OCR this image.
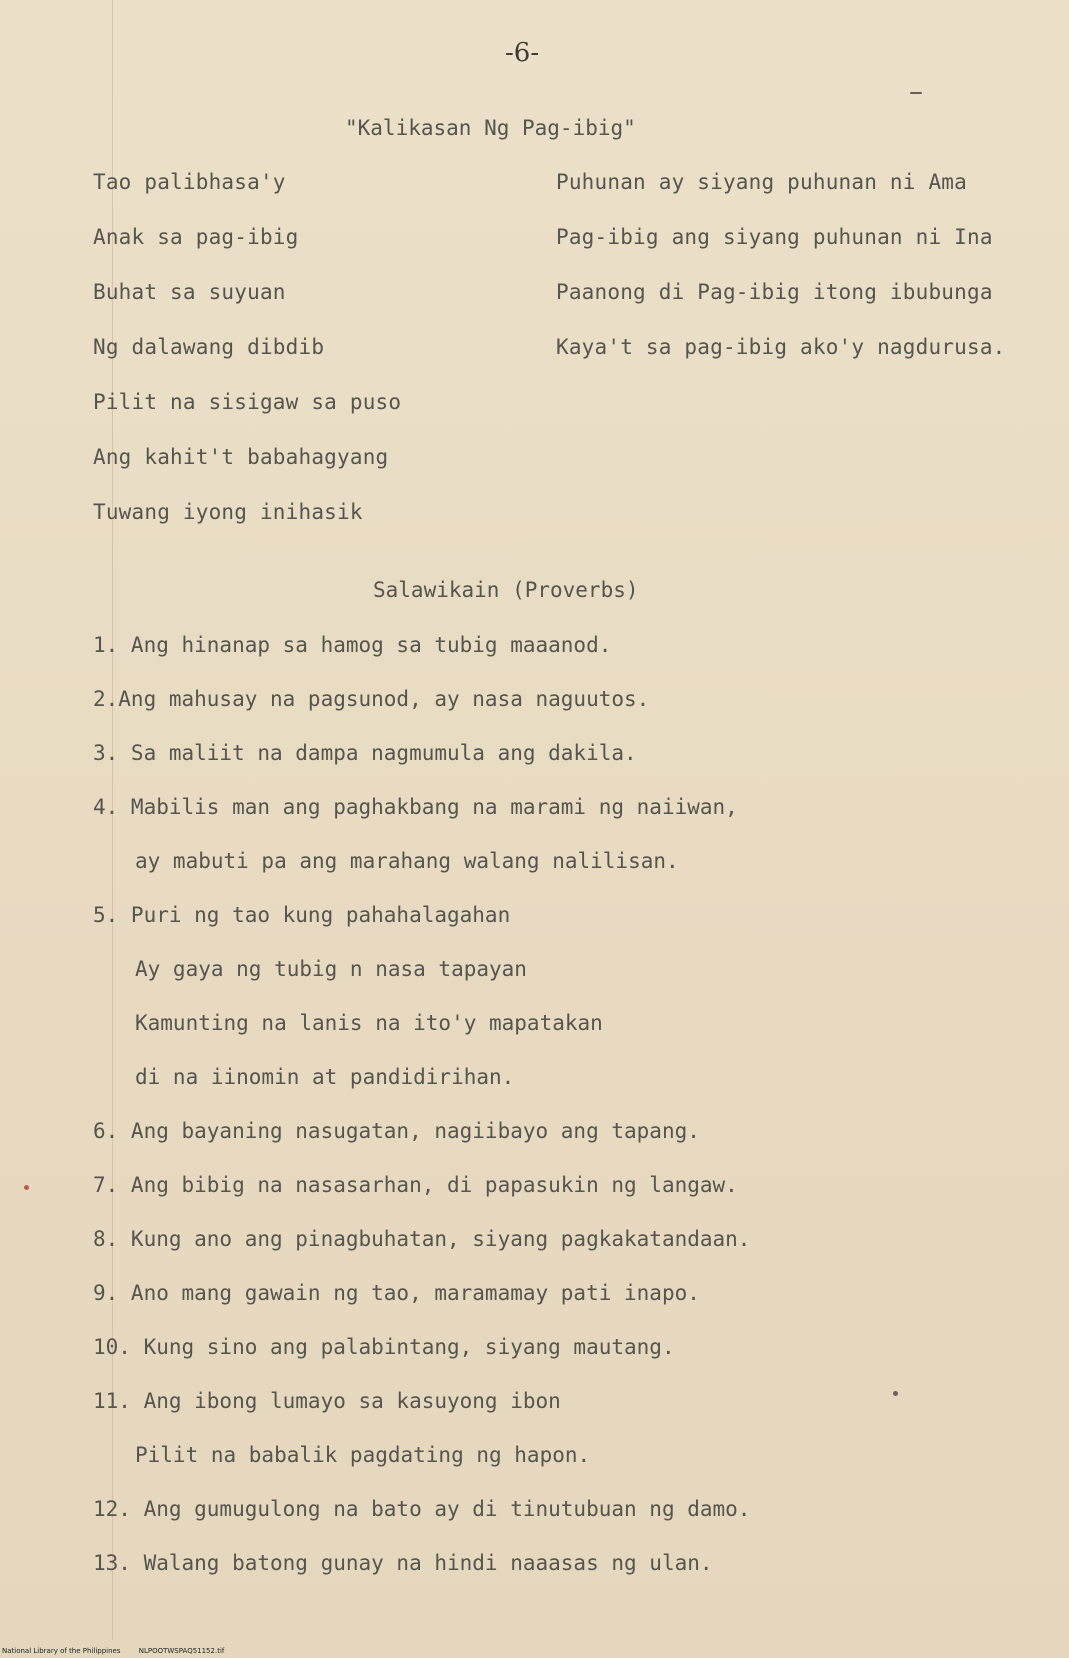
-6-
"Kalikasan Ng Pag-ibig"
Tao palibhasa'y
Anak sa pag-ibig
Buhat sa suyuan
Ng dalawang dibdib
Pilit na sisigaw sa puso
Ang kahit't babahagyang
Tuwang iyong inihasik
Puhunan ay siyang puhunan ni Ama
Pag-ibig ang siyang puhunan ni Ina
Paanong di Pag-ibig itong ibubunga
Kaya't sa pag-ibig ako'y nagdurusa.
Salawikain (Proverbs)
1. Ang hinanap sa hamog sa tubig maaanod.
2.Ang mahusay na pagsunod, ay nasa naguutos.
3. Sa maliit na dampa nagmumula ang dakila.
4. Mabilis man ang paghakbang na marami ng naiiwan,
ay mabuti pa ang marahang walang nalilisan.
5. Puri ng tao kung pahahalagahan
Ay gaya ng tubig n nasa tapayan
Kamunting na lanis na ito'y mapatakan
di na iinomin at pandidirihan.
6. Ang bayaning nasugatan, nagiibayo ang tapang.
7. Ang bibig na nasasarhan, di papasukin ng langaw.
8. Kung ano ang pinagbuhatan, siyang pagkakatandaan.
9. Ano mang gawain ng tao, maramamay pati inapo.
10. Kung sino ang palabintang, siyang mautang.
11. Ang ibong lumayo sa kasuyong ibon
Pilit na babalik pagdating ng hapon.
12. Ang gumugulong na bato ay di tinutubuan ng damo.
13. Walang batong gunay na hindi naaasas ng ulan.
National Library of the Philippines	NLPOOTWSPAQ51152.tif
